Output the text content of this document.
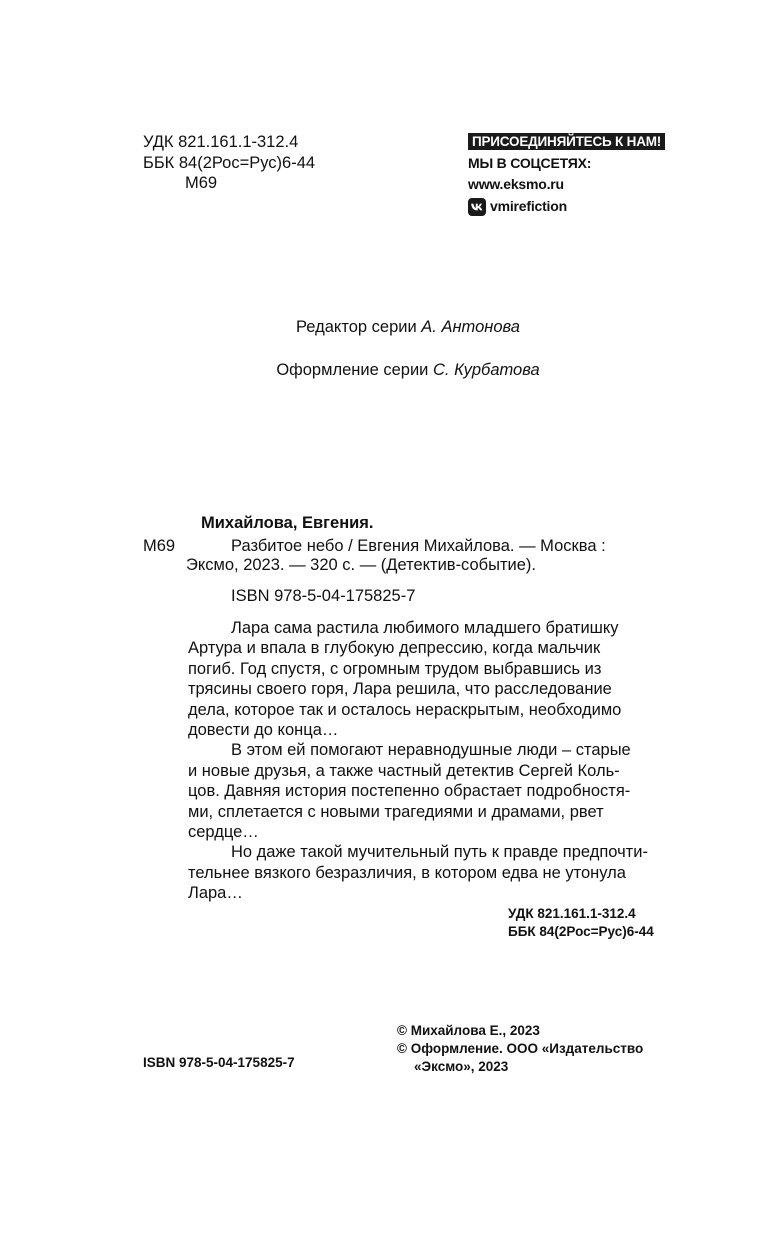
УДК 821.161.1-312.4
ББК 84(2Рос=Рус)6-44
М69
ПРИСОЕДИНЯЙТЕСЬ К НАМ!
МЫ В СОЦСЕТЯХ:
www.eksmo.ru
vmirefiction
Редактор серии А. Антонова
Оформление серии С. Курбатова
Михайлова, Евгения.
М69	Разбитое небо / Евгения Михайлова. — Москва :
Эксмо, 2023. — 320 с. — (Детектив-событие).
ISBN 978-5-04-175825-7
Лара сама растила любимого младшего братишку
Артура и впала в глубокую депрессию, когда мальчик
погиб. Год спустя, с огромным трудом выбравшись из
трясины своего горя, Лара решила, что расследование
дела, которое так и осталось нераскрытым, необходимо
довести до конца…
В этом ей помогают неравнодушные люди – старые
и новые друзья, а также частный детектив Сергей Коль-
цов. Давняя история постепенно обрастает подробностя-
ми, сплетается с новыми трагедиями и драмами, рвет
сердце…
Но даже такой мучительный путь к правде предпочти-
тельнее вязкого безразличия, в котором едва не утонула
Лара…
УДК 821.161.1-312.4
ББК 84(2Рос=Рус)6-44
© Михайлова Е., 2023
© Оформление. ООО «Издательство
«Эксмо», 2023
ISBN 978-5-04-175825-7
